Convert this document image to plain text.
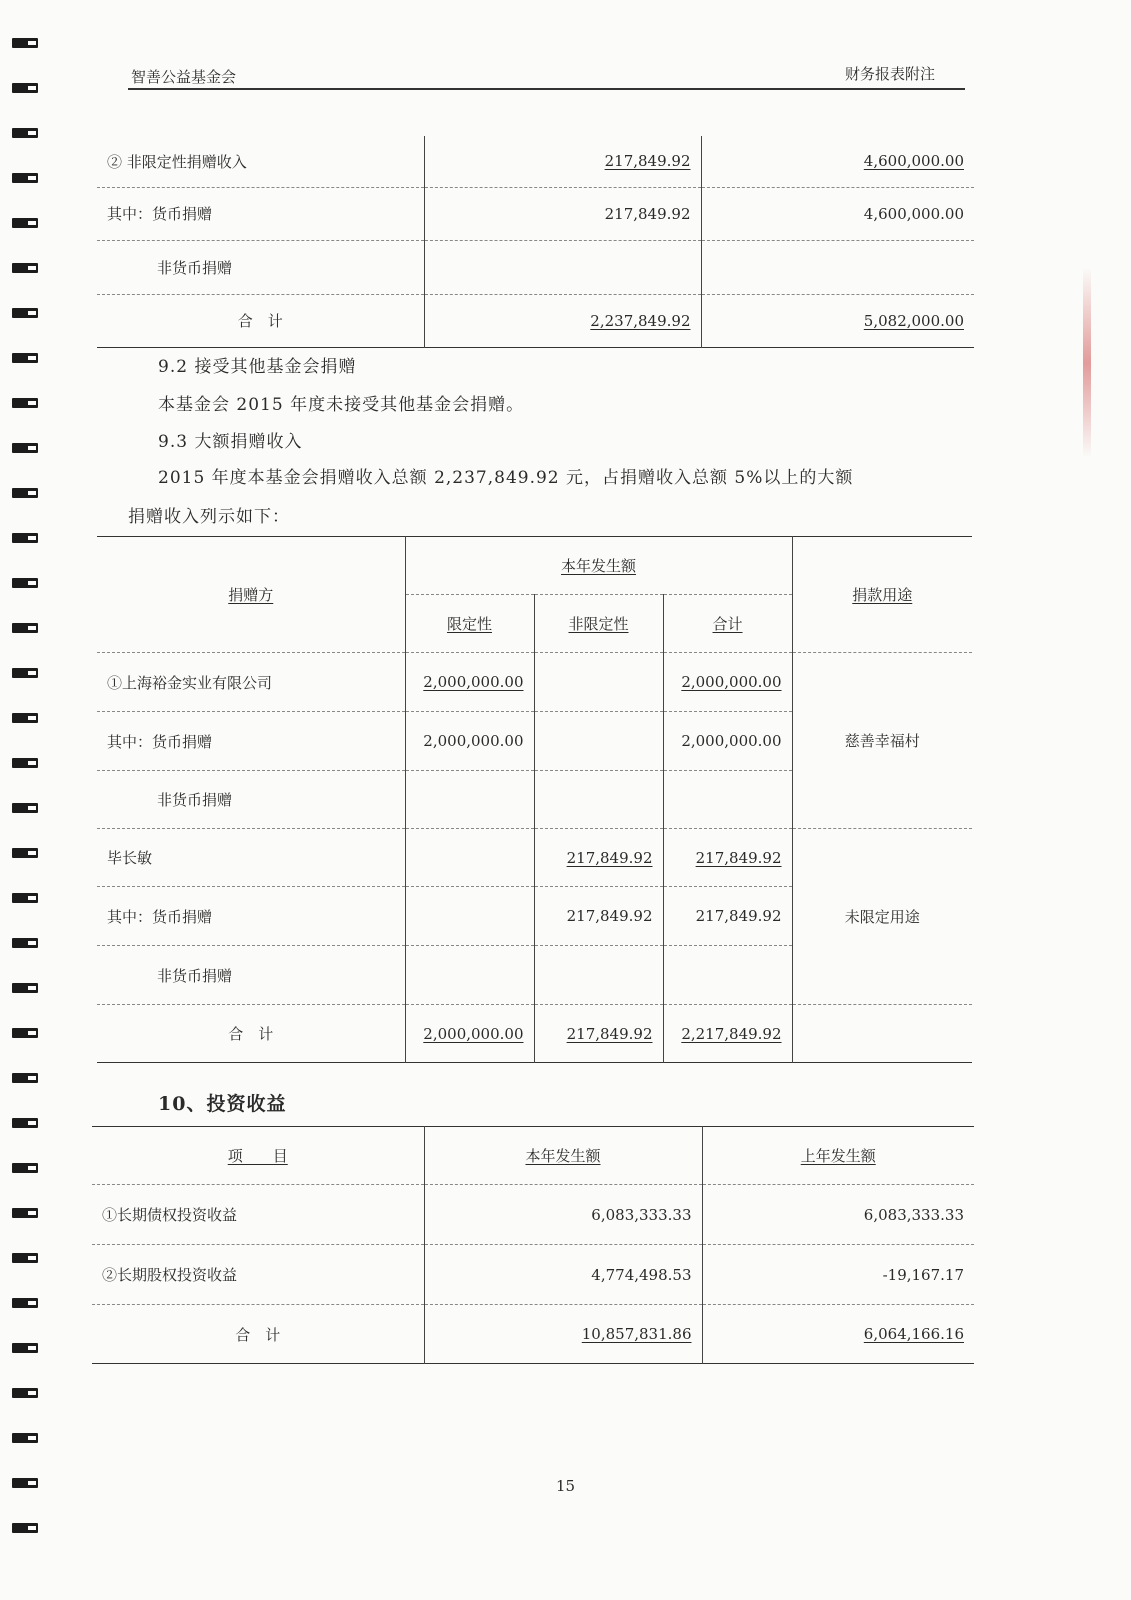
智善公益基金会	财务报表附注
② 非限定性捐赠收入	217,849.92	4,600,000.00
其中：货币捐赠	217,849.92	4,600,000.00
非货币捐赠		
合　计	2,237,849.92	5,082,000.00
9.2 接受其他基金会捐赠
本基金会 2015 年度未接受其他基金会捐赠。
9.3 大额捐赠收入
2015 年度本基金会捐赠收入总额 2,237,849.92 元，占捐赠收入总额 5%以上的大额
捐赠收入列示如下：
捐赠方	本年发生额			捐款用途
	限定性	非限定性	合计	
①上海裕金实业有限公司	2,000,000.00		2,000,000.00	慈善幸福村
其中：货币捐赠	2,000,000.00		2,000,000.00	
非货币捐赠				
毕长敏		217,849.92	217,849.92	未限定用途
其中：货币捐赠		217,849.92	217,849.92	
非货币捐赠				
合　计	2,000,000.00	217,849.92	2,217,849.92	
10、投资收益
项　　目	本年发生额	上年发生额
①长期债权投资收益	6,083,333.33	6,083,333.33
②长期股权投资收益	4,774,498.53	-19,167.17
合　计	10,857,831.86	6,064,166.16
15
